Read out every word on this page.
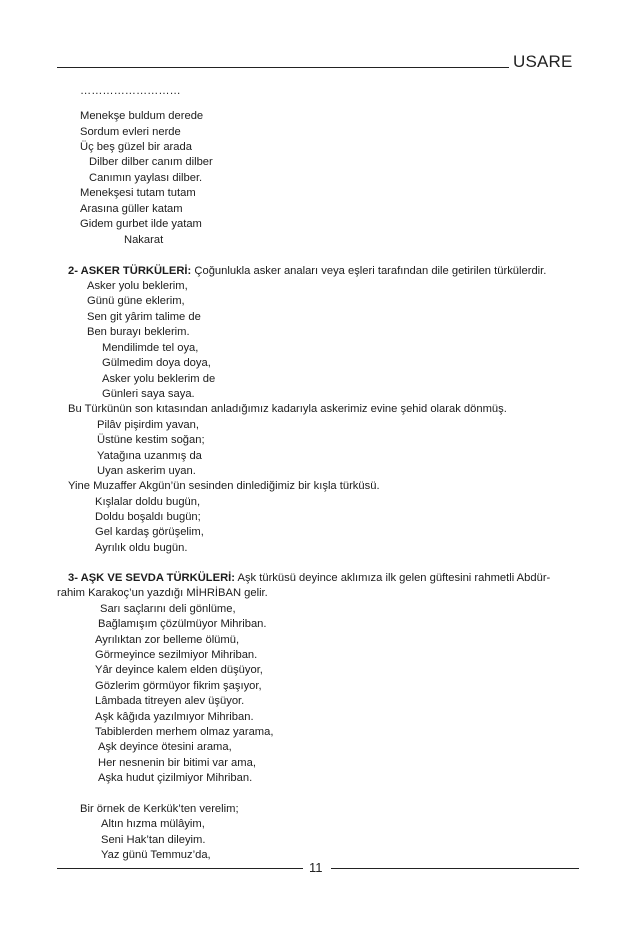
USARE
………………………
Menekşe buldum derede
Sordum evleri nerde
Üç beş güzel bir arada
Dilber dilber canım dilber
Canımın yaylası dilber.
Menekşesi tutam tutam
Arasına güller katam
Gidem gurbet ilde yatam
Nakarat
2- ASKER TÜRKÜLERİ: Çoğunlukla asker anaları veya eşleri tarafından dile getirilen türkülerdir.
Asker yolu beklerim,
Günü güne eklerim,
Sen git yârim talime de
Ben burayı beklerim.
Mendilimde tel oya,
Gülmedim doya doya,
Asker yolu beklerim de
Günleri saya saya.
Bu Türkünün son kıtasından anladığımız kadarıyla askerimiz evine şehid olarak dönmüş.
Pilâv pişirdim yavan,
Üstüne kestim soğan;
Yatağına uzanmış da
Uyan askerim uyan.
Yine Muzaffer Akgün’ün sesinden dinlediğimiz bir kışla türküsü.
Kışlalar doldu bugün,
Doldu boşaldı bugün;
Gel kardaş görüşelim,
Ayrılık oldu bugün.
3- AŞK VE SEVDA TÜRKÜLERİ: Aşk türküsü deyince aklımıza ilk gelen güftesini rahmetli Abdür-
rahim Karakoç’un yazdığı MİHRİBAN gelir.
Sarı saçlarını deli gönlüme,
Bağlamışım çözülmüyor Mihriban.
Ayrılıktan zor belleme ölümü,
Görmeyince sezilmiyor Mihriban.
Yâr deyince kalem elden düşüyor,
Gözlerim görmüyor fikrim şaşıyor,
Lâmbada titreyen alev üşüyor.
Aşk kâğıda yazılmıyor Mihriban.
Tabiblerden merhem olmaz yarama,
Aşk deyince ötesini arama,
Her nesnenin bir bitimi var ama,
Aşka hudut çizilmiyor Mihriban.
Bir örnek de Kerkük’ten verelim;
Altın hızma mülâyim,
Seni Hak’tan dileyim.
Yaz günü Temmuz’da,
11
